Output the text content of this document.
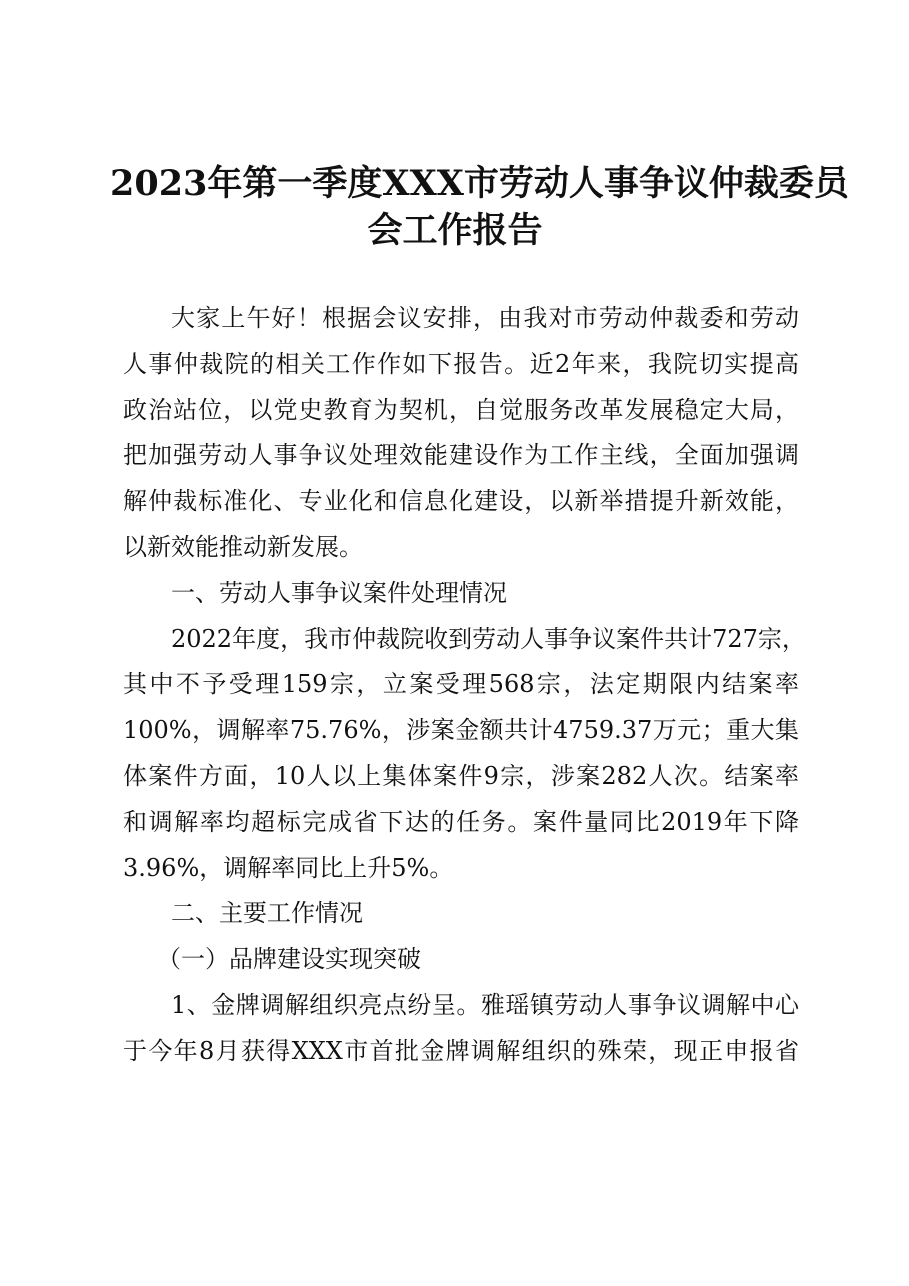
2023年第一季度XXX市劳动人事争议仲裁委员
会工作报告
大家上午好！根据会议安排，由我对市劳动仲裁委和劳动
人事仲裁院的相关工作作如下报告。近2年来，我院切实提高
政治站位，以党史教育为契机，自觉服务改革发展稳定大局，
把加强劳动人事争议处理效能建设作为工作主线，全面加强调
解仲裁标准化、专业化和信息化建设，以新举措提升新效能，
以新效能推动新发展。
一、劳动人事争议案件处理情况
2022年度，我市仲裁院收到劳动人事争议案件共计727宗，
其中不予受理159宗，立案受理568宗，法定期限内结案率
100%，调解率75.76%，涉案金额共计4759.37万元；重大集
体案件方面，10人以上集体案件9宗，涉案282人次。结案率
和调解率均超标完成省下达的任务。案件量同比2019年下降
3.96%，调解率同比上升5%。
二、主要工作情况
（一）品牌建设实现突破
1、金牌调解组织亮点纷呈。雅瑶镇劳动人事争议调解中心
于今年8月获得XXX市首批金牌调解组织的殊荣，现正申报省
